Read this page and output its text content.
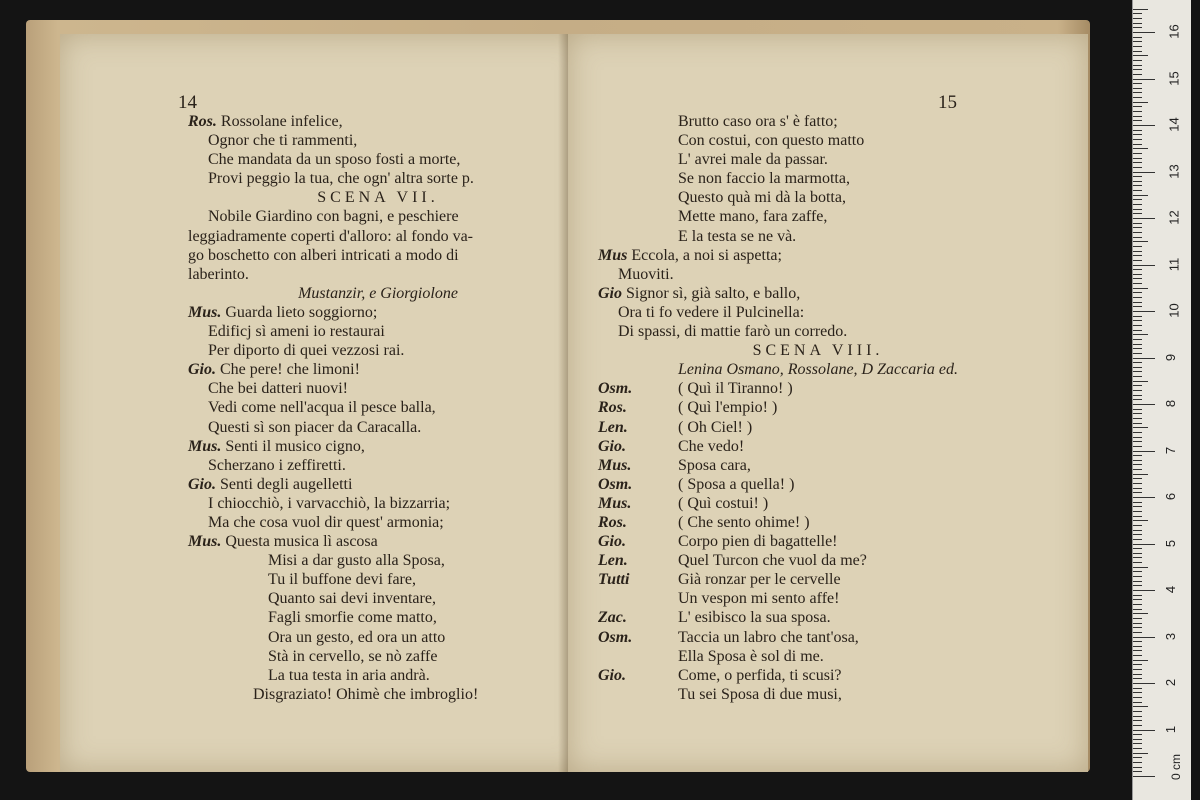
14
Ros. Rossolane infelice,
Ognor che ti rammenti,
Che mandata da un sposo fosti a morte,
Provi peggio la tua, che ogn' altra sorte p.
SCENA VII.
Nobile Giardino con bagni, e peschiere
leggiadramente coperti d'alloro: al fondo va-
go boschetto con alberi intricati a modo di
laberinto.
Mustanzir, e Giorgiolone
Mus. Guarda lieto soggiorno;
Edificj sì ameni io restaurai
Per diporto di quei vezzosi rai.
Gio. Che pere! che limoni!
Che bei datteri nuovi!
Vedi come nell'acqua il pesce balla,
Questi sì son piacer da Caracalla.
Mus. Senti il musico cigno,
Scherzano i zeffiretti.
Gio. Senti degli augelletti
I chiocchiò, i varvacchiò, la bizzarria;
Ma che cosa vuol dir quest' armonia;
Mus. Questa musica lì ascosa
Misi a dar gusto alla Sposa,
Tu il buffone devi fare,
Quanto sai devi inventare,
Fagli smorfie come matto,
Ora un gesto, ed ora un atto
Stà in cervello, se nò zaffe
La tua testa in aria andrà.
Disgraziato! Ohimè che imbroglio!
15
Brutto caso ora s' è fatto;
Con costui, con questo matto
L' avrei male da passar.
Se non faccio la marmotta,
Questo quà mi dà la botta,
Mette mano, fara zaffe,
E la testa se ne và.
Mus Eccola, a noi si aspetta;
Muoviti.
Gio Signor sì, già salto, e ballo,
Ora ti fo vedere il Pulcinella:
Di spassi, di mattie farò un corredo.
SCENA VIII.
Lenina Osmano, Rossolane, D Zaccaria ed.
Osm.	( Quì il Tiranno! )
Ros.	( Quì l'empio! )
Len.	( Oh Ciel! )
Gio.	Che vedo!
Mus.	Sposa cara,
Osm.	( Sposa a quella! )
Mus.	( Quì costui! )
Ros.	( Che sento ohime! )
Gio.	Corpo pien di bagattelle!
Len.	Quel Turcon che vuol da me?
Tutti	Già ronzar per le cervelle
Un vespon mi sento affe!
Zac.	L' esibisco la sua sposa.
Osm.	Taccia un labro che tant'osa,
Ella Sposa è sol di me.
Gio.	Come, o perfida, ti scusi?
Tu sei Sposa di due musi,
0 cm
1
2
3
4
5
6
7
8
9
10
11
12
13
14
15
16
